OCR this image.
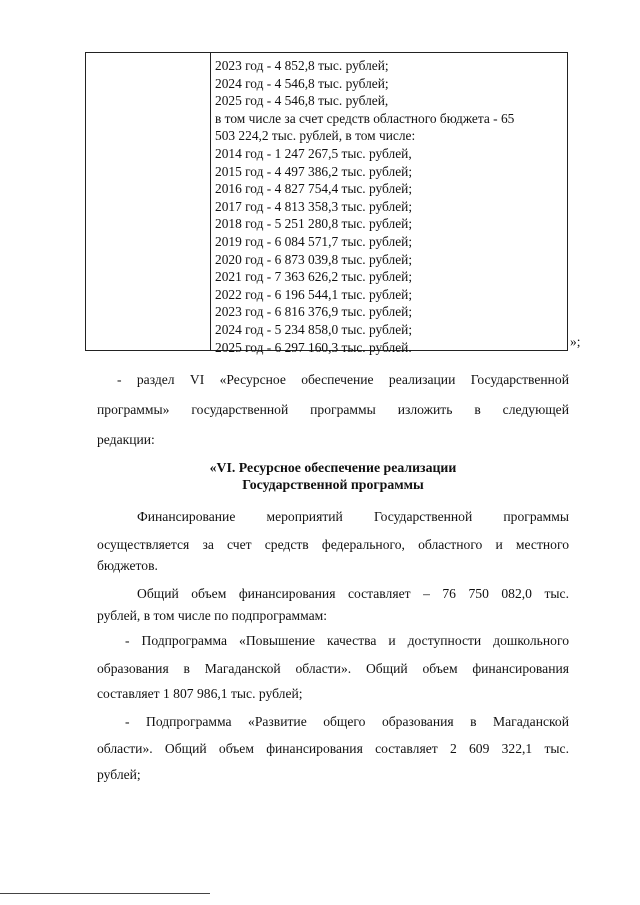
2023 год - 4 852,8 тыс. рублей;
2024 год - 4 546,8 тыс. рублей;
2025 год - 4 546,8 тыс. рублей,
в том числе за счет средств областного бюджета - 65
503 224,2 тыс. рублей, в том числе:
2014 год - 1 247 267,5 тыс. рублей,
2015 год - 4 497 386,2 тыс. рублей;
2016 год - 4 827 754,4 тыс. рублей;
2017 год - 4 813 358,3 тыс. рублей;
2018 год - 5 251 280,8 тыс. рублей;
2019 год - 6 084 571,7 тыс. рублей;
2020 год - 6 873 039,8 тыс. рублей;
2021 год - 7 363 626,2 тыс. рублей;
2022 год - 6 196 544,1 тыс. рублей;
2023 год - 6 816 376,9 тыс. рублей;
2024 год - 5 234 858,0 тыс. рублей;
2025 год - 6 297 160,3 тыс. рублей.	»;
- раздел VI «Ресурсное обеспечение реализации Государственной
программы» государственной программы изложить в следующей
редакции:
«VI. Ресурсное обеспечение реализации
Государственной программы
Финансирование мероприятий Государственной программы
осуществляется за счет средств федерального, областного и местного
бюджетов.
Общий объем финансирования составляет – 76 750 082,0 тыс.
рублей, в том числе по подпрограммам:
- Подпрограмма «Повышение качества и доступности дошкольного
образования в Магаданской области». Общий объем финансирования
составляет 1 807 986,1 тыс. рублей;
- Подпрограмма «Развитие общего образования в Магаданской
области». Общий объем финансирования составляет 2 609 322,1 тыс.
рублей;
